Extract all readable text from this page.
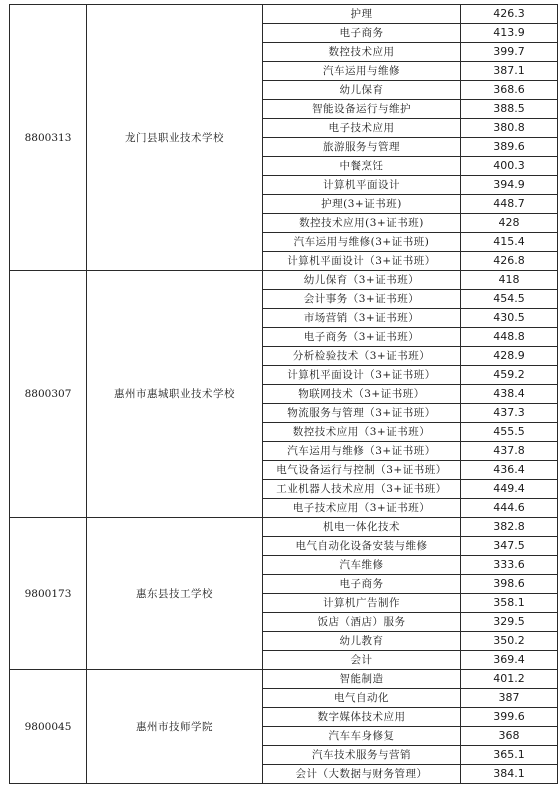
8800313	龙门县职业技术学校	护理	426.3
		电子商务	413.9
		数控技术应用	399.7
		汽车运用与维修	387.1
		幼儿保育	368.6
		智能设备运行与维护	388.5
		电子技术应用	380.8
		旅游服务与管理	389.6
		中餐烹饪	400.3
		计算机平面设计	394.9
		护理(3+证书班)	448.7
		数控技术应用(3+证书班)	428
		汽车运用与维修(3+证书班)	415.4
		计算机平面设计（3+证书班）	426.8
8800307	惠州市惠城职业技术学校	幼儿保育（3+证书班）	418
		会计事务（3+证书班）	454.5
		市场营销（3+证书班）	430.5
		电子商务（3+证书班）	448.8
		分析检验技术（3+证书班）	428.9
		计算机平面设计（3+证书班）	459.2
		物联网技术（3+证书班）	438.4
		物流服务与管理（3+证书班）	437.3
		数控技术应用（3+证书班）	455.5
		汽车运用与维修（3+证书班）	437.8
		电气设备运行与控制（3+证书班）	436.4
		工业机器人技术应用（3+证书班）	449.4
		电子技术应用（3+证书班）	444.6
9800173	惠东县技工学校	机电一体化技术	382.8
		电气自动化设备安装与维修	347.5
		汽车维修	333.6
		电子商务	398.6
		计算机广告制作	358.1
		饭店（酒店）服务	329.5
		幼儿教育	350.2
		会计	369.4
9800045	惠州市技师学院	智能制造	401.2
		电气自动化	387
		数字媒体技术应用	399.6
		汽车车身修复	368
		汽车技术服务与营销	365.1
		会计（大数据与财务管理）	384.1
